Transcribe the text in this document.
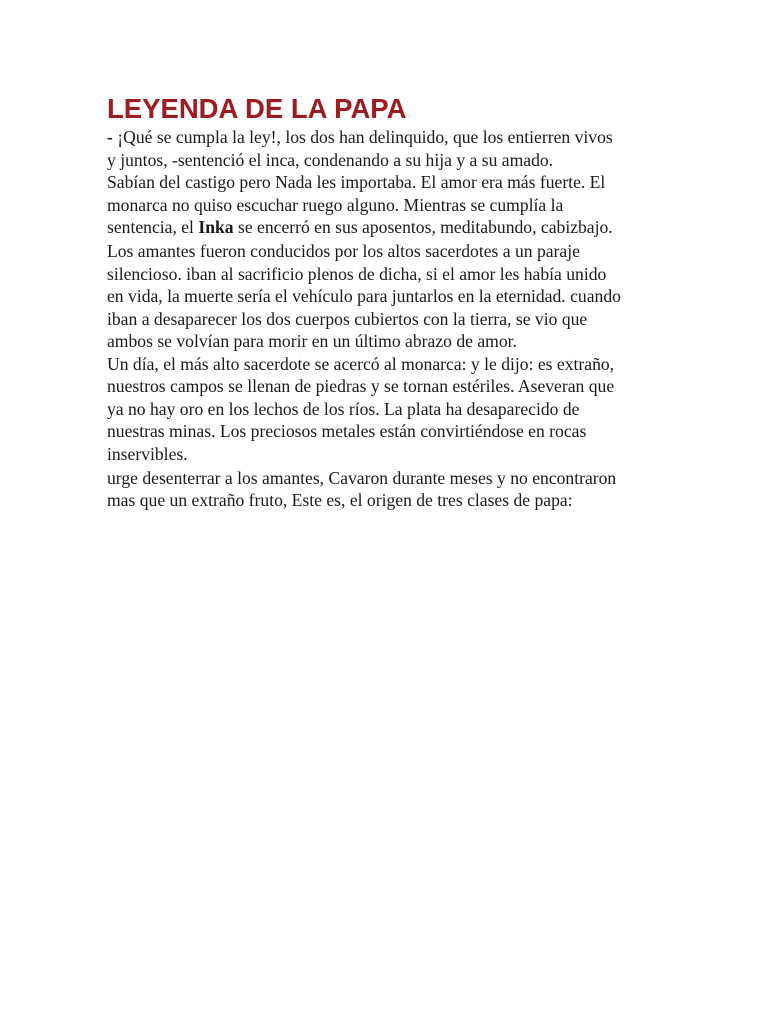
LEYENDA DE LA PAPA
- ¡Qué se cumpla la ley!, los dos han delinquido, que los entierren vivos
y juntos, -sentenció el inca, condenando a su hija y a su amado.
Sabían del castigo pero Nada les importaba. El amor era más fuerte. El
monarca no quiso escuchar ruego alguno. Mientras se cumplía la
sentencia, el Inka se encerró en sus aposentos, meditabundo, cabizbajo.
Los amantes fueron conducidos por los altos sacerdotes a un paraje
silencioso. iban al sacrificio plenos de dicha, si el amor les había unido
en vida, la muerte sería el vehículo para juntarlos en la eternidad. cuando
iban a desaparecer los dos cuerpos cubiertos con la tierra, se vio que
ambos se volvían para morir en un último abrazo de amor.
Un día, el más alto sacerdote se acercó al monarca: y le dijo: es extraño,
nuestros campos se llenan de piedras y se tornan estériles. Aseveran que
ya no hay oro en los lechos de los ríos. La plata ha desaparecido de
nuestras minas. Los preciosos metales están convirtiéndose en rocas
inservibles.
urge desenterrar a los amantes, Cavaron durante meses y no encontraron
mas que un extraño fruto, Este es, el origen de tres clases de papa:
